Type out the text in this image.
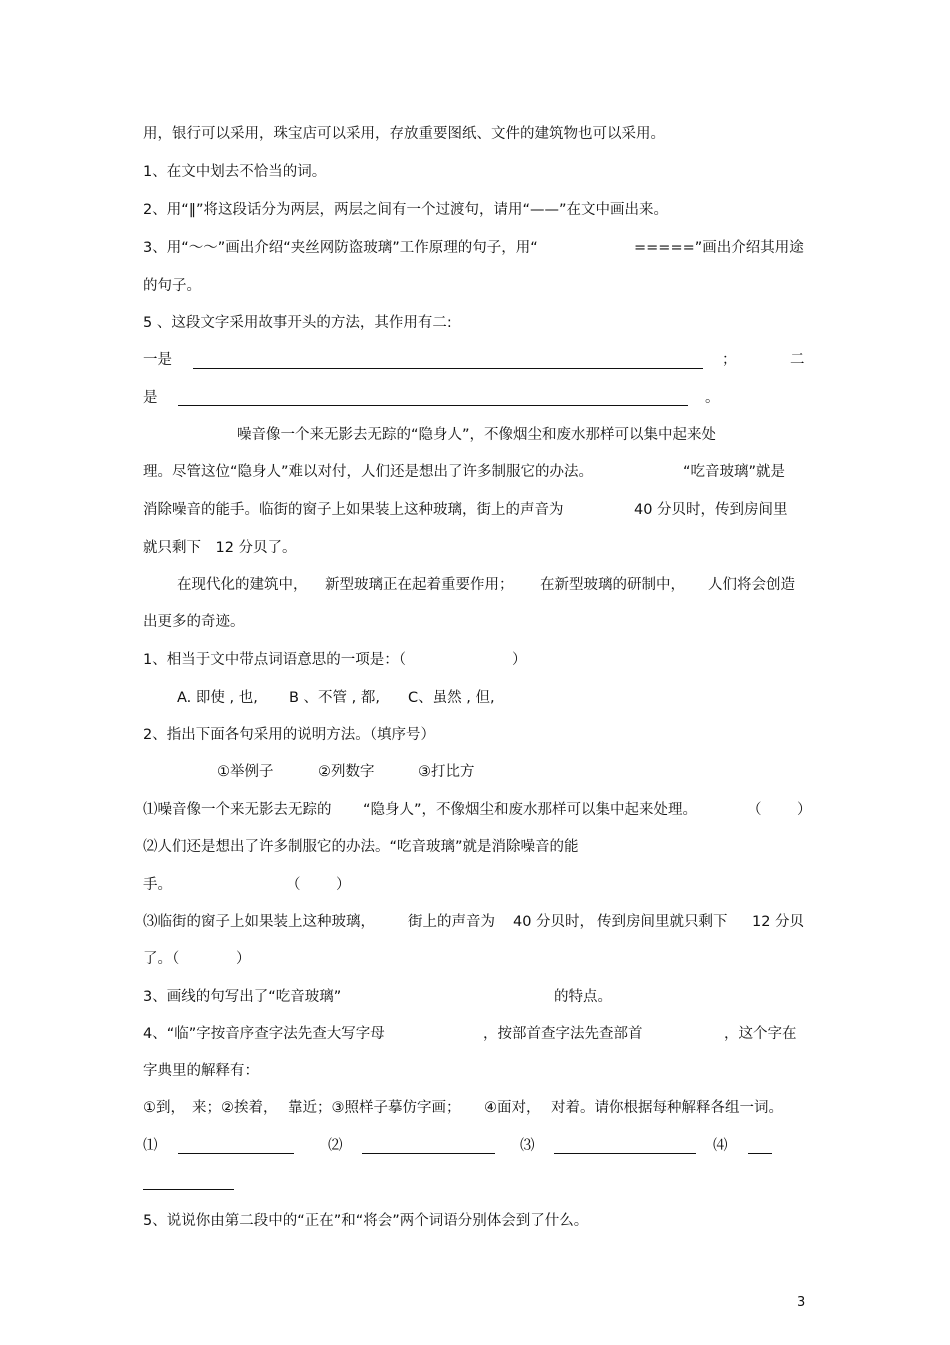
用，银行可以采用，珠宝店可以采用，存放重要图纸、文件的建筑物也可以采用。
1、在文中划去不恰当的词。
2、用“‖”将这段话分为两层，两层之间有一个过渡句，请用“——”在文中画出来。
3、用“～～”画出介绍“夹丝网防盗玻璃”工作原理的句子，用“	=====”画出介绍其用途
的句子。
5 、这段文字采用故事开头的方法，其作用有二:
一是	；	二
是	。
噪音像一个来无影去无踪的“隐身人”，不像烟尘和废水那样可以集中起来处
理。尽管这位“隐身人”难以对付，人们还是想出了许多制服它的办法。	“吃音玻璃”就是
消除噪音的能手。临街的窗子上如果装上这种玻璃，街上的声音为	40 分贝时，传到房间里
就只剩下　12 分贝了。
在现代化的建筑中， 新型玻璃正在起着重要作用； 在新型玻璃的研制中， 人们将会创造
出更多的奇迹。
1、相当于文中带点词语意思的一项是：（	）
A. 即使 , 也, B 、不管 , 都, C、虽然 , 但,
2、指出下面各句采用的说明方法。（填序号）
①举例子	②列数字	③打比方
⑴噪音像一个来无影去无踪的 “隐身人”，不像烟尘和废水那样可以集中起来处理。	（ ）
⑵人们还是想出了许多制服它的办法。“吃音玻璃”就是消除噪音的能
手。	（ ）
⑶临街的窗子上如果装上这种玻璃， 街上的声音为 40 分贝时， 传到房间里就只剩下 12 分贝
了。（	）
3、画线的句写出了“吃音玻璃”	的特点。
4、“临”字按音序查字法先查大写字母	，按部首查字法先查部首	，这个字在
字典里的解释有：
①到， 来；②挨着， 靠近；③照样子摹仿字画； ④面对， 对着。请你根据每种解释各组一词。
⑴	⑵	⑶	⑷
5、说说你由第二段中的“正在”和“将会”两个词语分别体会到了什么。
3
